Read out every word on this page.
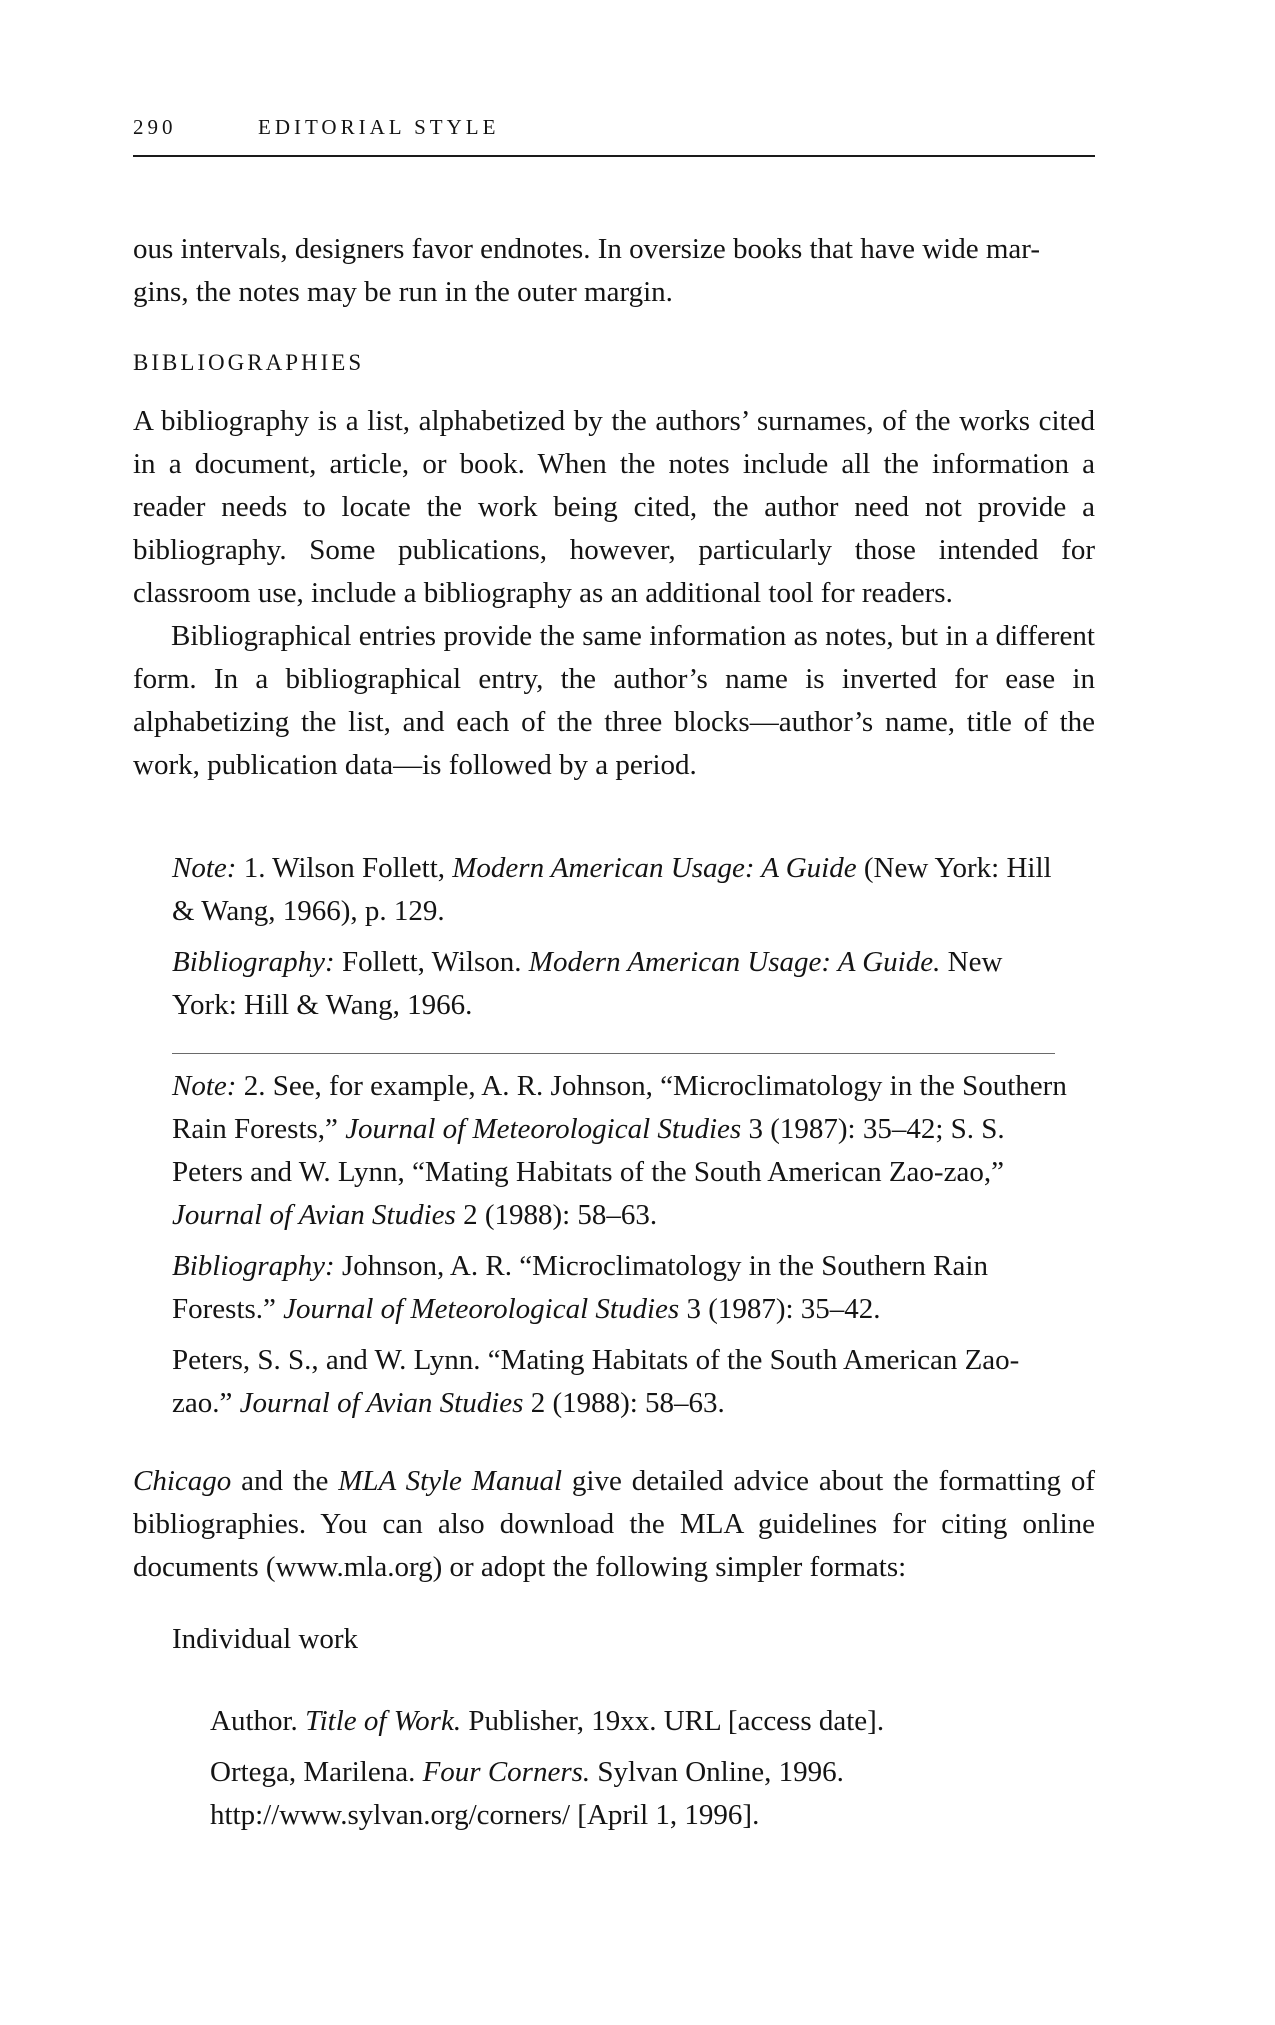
290	EDITORIAL STYLE
ous intervals, designers favor endnotes. In oversize books that have wide mar-
gins, the notes may be run in the outer margin.
BIBLIOGRAPHIES

A bibliography is a list, alphabetized by the authors’ surnames, of the works cited in a document, article, or book. When the notes include all the information a reader needs to locate the work being cited, the author need not provide a bibliography. Some publications, however, particularly those intended for classroom use, include a bibliography as an additional tool for readers.

Bibliographical entries provide the same information as notes, but in a different form. In a bibliographical entry, the author’s name is inverted for ease in alphabetizing the list, and each of the three blocks—author’s name, title of the work, publication data—is followed by a period.

Note: 1. Wilson Follett, Modern American Usage: A Guide (New York: Hill & Wang, 1966), p. 129.

Bibliography: Follett, Wilson. Modern American Usage: A Guide. New York: Hill & Wang, 1966.

Note: 2. See, for example, A. R. Johnson, “Microclimatology in the Southern Rain Forests,” Journal of Meteorological Studies 3 (1987): 35–42; S. S. Peters and W. Lynn, “Mating Habitats of the South American Zao-zao,” Journal of Avian Studies 2 (1988): 58–63.

Bibliography: Johnson, A. R. “Microclimatology in the Southern Rain Forests.” Journal of Meteorological Studies 3 (1987): 35–42.

Peters, S. S., and W. Lynn. “Mating Habitats of the South American Zao-zao.” Journal of Avian Studies 2 (1988): 58–63.

Chicago and the MLA Style Manual give detailed advice about the formatting of bibliographies. You can also download the MLA guidelines for citing online documents (www.mla.org) or adopt the following simpler formats:

Individual work

Author. Title of Work. Publisher, 19xx. URL [access date].

Ortega, Marilena. Four Corners. Sylvan Online, 1996.
http://www.sylvan.org/corners/ [April 1, 1996].
